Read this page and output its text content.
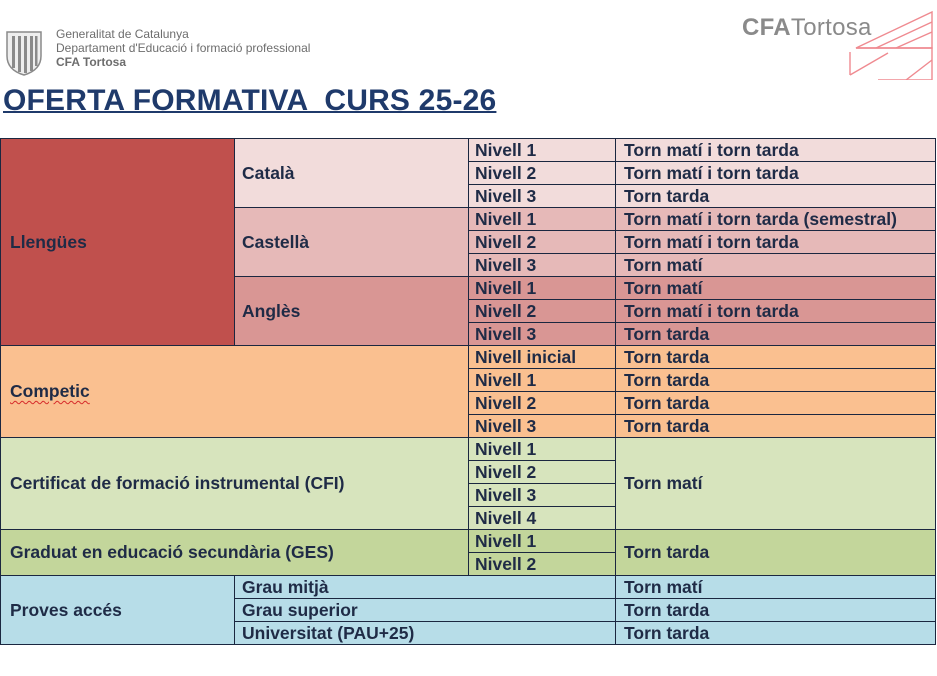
Generalitat de Catalunya
Departament d'Educació i formació professional
CFA Tortosa
CFATortosa
OFERTA FORMATIVA  CURS 25-26
Llengües	Català	Nivell 1	Torn matí i torn tarda
		Nivell 2	Torn matí i torn tarda
		Nivell 3	Torn tarda
	Castellà	Nivell 1	Torn matí i torn tarda (semestral)
		Nivell 2	Torn matí i torn tarda
		Nivell 3	Torn matí
	Anglès	Nivell 1	Torn matí
		Nivell 2	Torn matí i torn tarda
		Nivell 3	Torn tarda
Competic		Nivell inicial	Torn tarda
		Nivell 1	Torn tarda
		Nivell 2	Torn tarda
		Nivell 3	Torn tarda
Certificat de formació instrumental (CFI)		Nivell 1	Torn matí
		Nivell 2	
		Nivell 3	
		Nivell 4	
Graduat en educació secundària (GES)		Nivell 1	Torn tarda
		Nivell 2	
Proves accés	Grau mitjà		Torn matí
	Grau superior		Torn tarda
	Universitat (PAU+25)		Torn tarda
